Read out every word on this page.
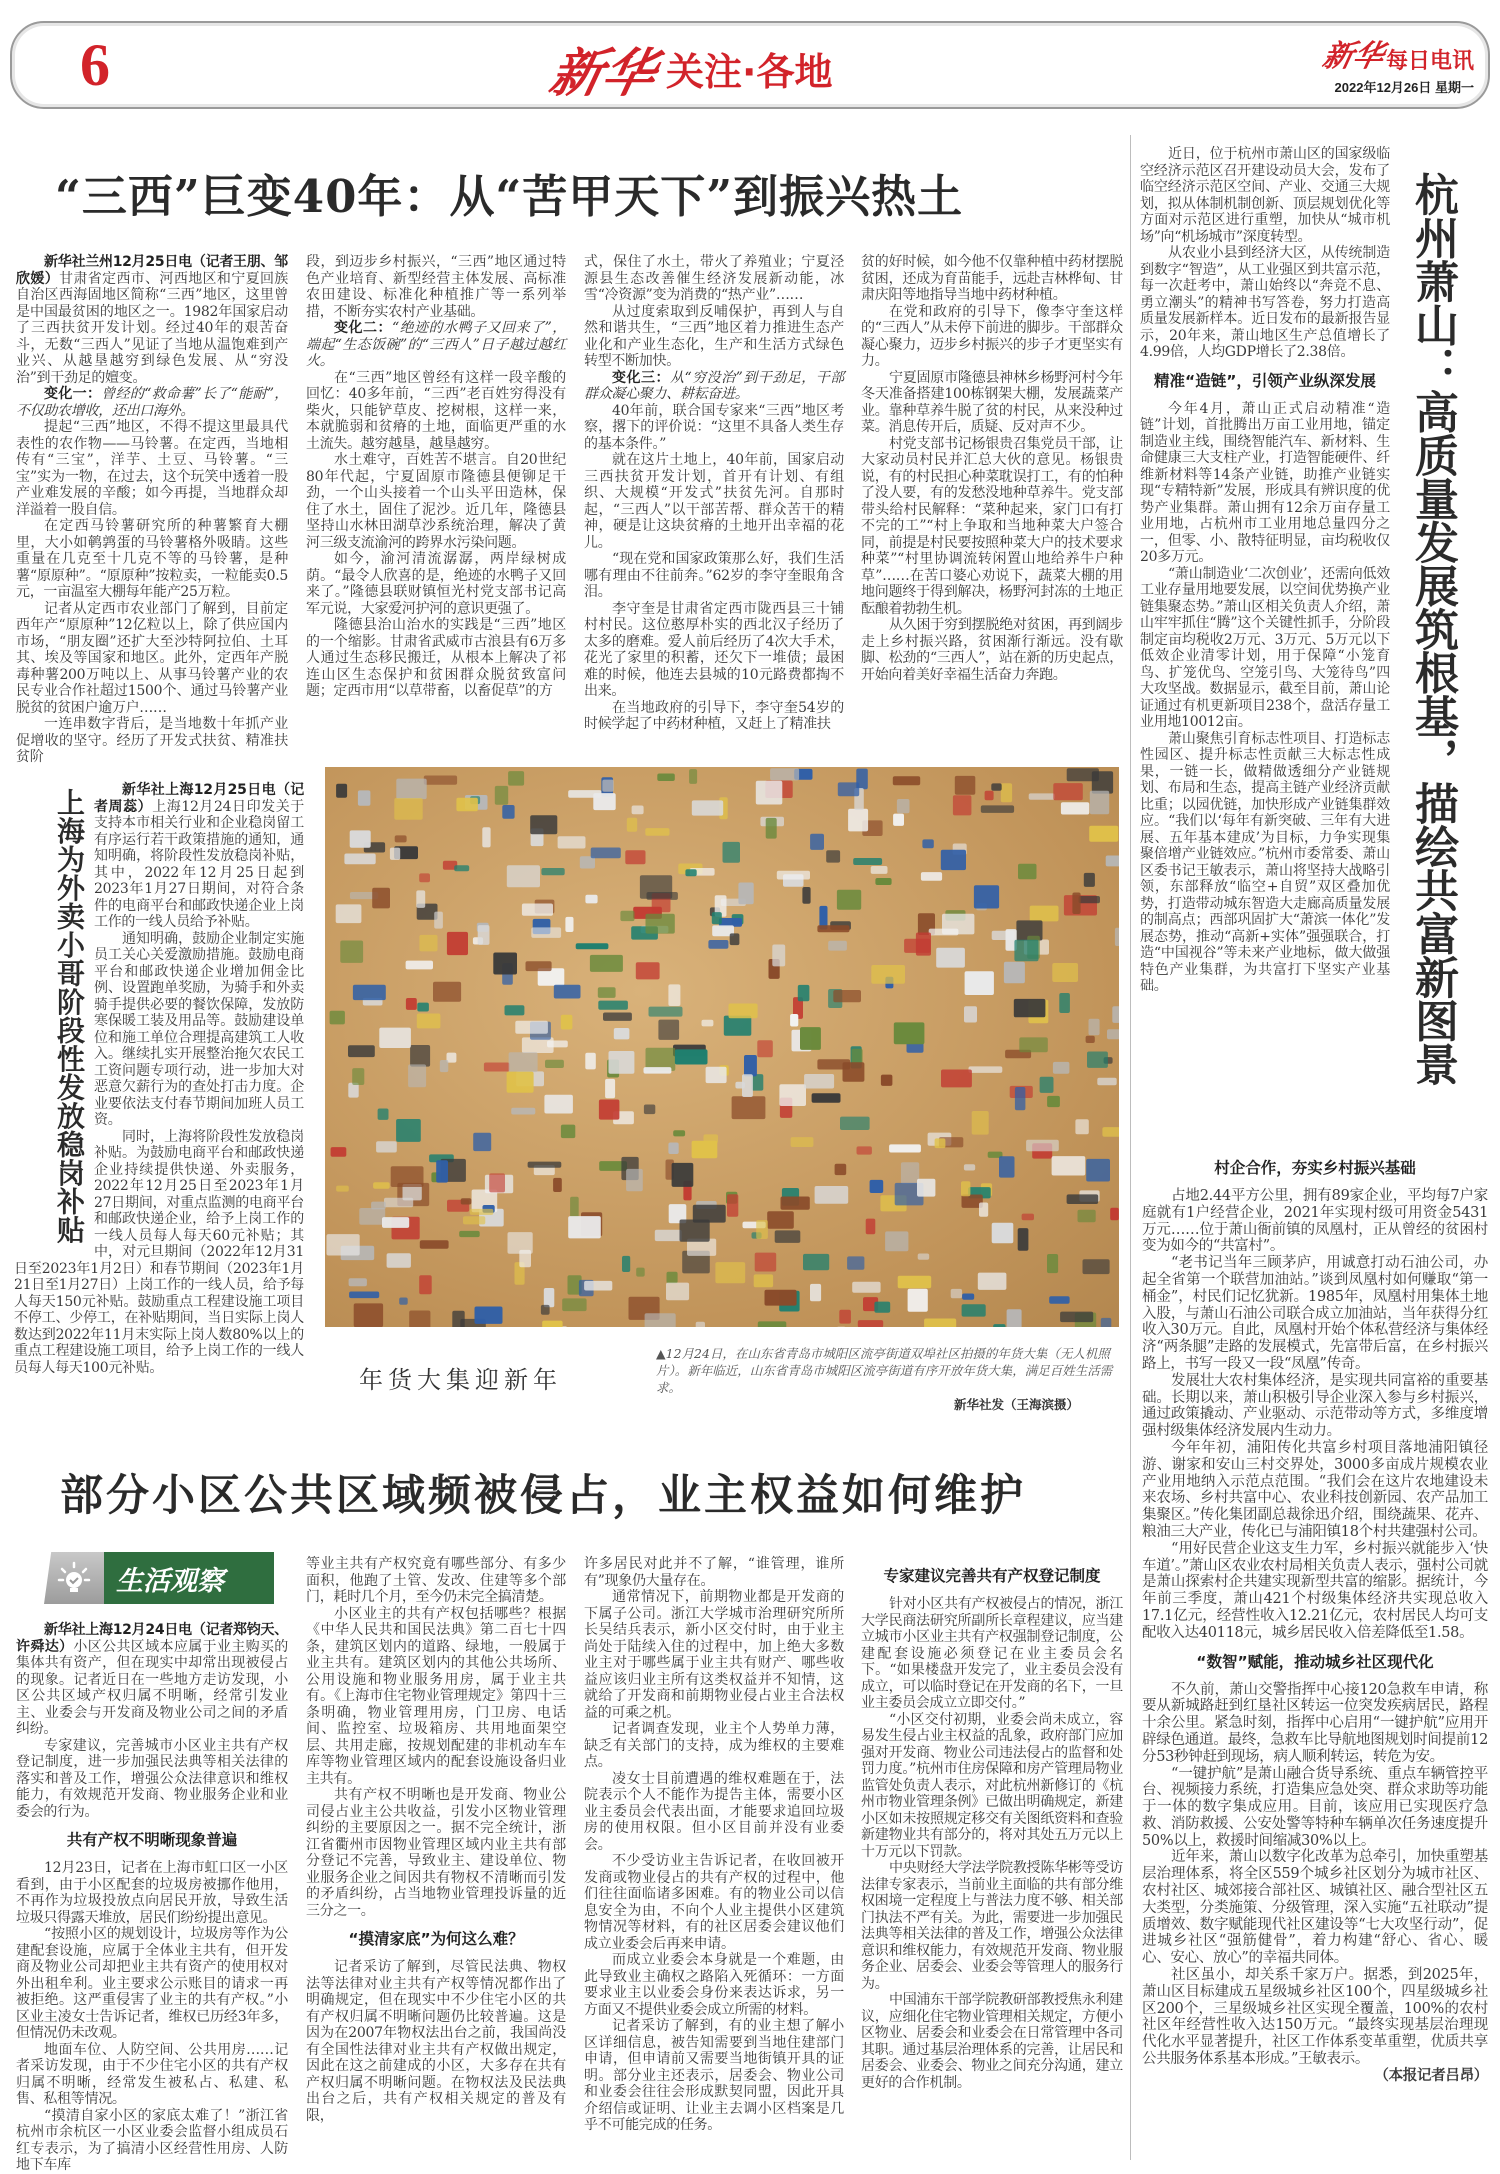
6	新华 关注·各地	新华 每日电讯
2022年12月26日 星期一
“三西”巨变40年：从“苦甲天下”到振兴热土

新华社兰州12月25日电（记者王朋、邹欣媛）甘肃省定西市、河西地区和宁夏回族自治区西海固地区简称“三西”地区，这里曾是中国最贫困的地区之一。1982年国家启动了三西扶贫开发计划。经过40年的艰苦奋斗，无数“三西人”见证了当地从温饱难到产业兴、从越垦越穷到绿色发展、从“穷没治”到干劲足的嬗变。

变化一：曾经的“救命薯”长了“能耐”，不仅助农增收，还出口海外。

提起“三西”地区，不得不提这里最具代表性的农作物——马铃薯。在定西，当地相传有“三宝”，洋芋、土豆、马铃薯。“三宝”实为一物，在过去，这个玩笑中透着一股产业难发展的辛酸；如今再提，当地群众却洋溢着一股自信。

在定西马铃薯研究所的种薯繁育大棚里，大小如鹌鹑蛋的马铃薯格外吸睛。这些重量在几克至十几克不等的马铃薯，是种薯“原原种”。“原原种”按粒卖，一粒能卖0.5元，一亩温室大棚每年能产25万粒。

记者从定西市农业部门了解到，目前定西年产“原原种”12亿粒以上，除了供应国内市场，“朋友圈”还扩大至沙特阿拉伯、土耳其、埃及等国家和地区。此外，定西年产脱毒种薯200万吨以上、从事马铃薯产业的农民专业合作社超过1500个、通过马铃薯产业脱贫的贫困户逾万户……

一连串数字背后，是当地数十年抓产业促增收的坚守。经历了开发式扶贫、精准扶贫阶

段，到迈步乡村振兴，“三西”地区通过特色产业培育、新型经营主体发展、高标准农田建设、标准化种植推广等一系列举措，不断夯实农村产业基础。

变化二：“绝迹的水鸭子又回来了”，端起“生态饭碗”的“三西人”日子越过越红火。

在“三西”地区曾经有这样一段辛酸的回忆：40多年前，“三西”老百姓穷得没有柴火，只能铲草皮、挖树根，这样一来，本就脆弱和贫瘠的土地，面临更严重的水土流失。越穷越垦，越垦越穷。

水土难守，百姓苦不堪言。自20世纪80年代起，宁夏固原市隆德县便铆足干劲，一个山头接着一个山头平田造林，保住了水土，固住了泥沙。近几年，隆德县坚持山水林田湖草沙系统治理，解决了黄河三级支流渝河的跨界水污染问题。

如今，渝河清流潺潺，两岸绿树成荫。“最令人欣喜的是，绝迹的水鸭子又回来了。”隆德县联财镇恒光村党支部书记高军元说，大家爱河护河的意识更强了。

隆德县治山治水的实践是“三西”地区的一个缩影。甘肃省武威市古浪县有6万多人通过生态移民搬迁，从根本上解决了祁连山区生态保护和贫困群众脱贫致富问题；定西市用“以草带畜，以畜促草”的方

式，保住了水土，带火了养殖业；宁夏泾源县生态改善催生经济发展新动能，冰雪“冷资源”变为消费的“热产业”……

从过度索取到反哺保护，再到人与自然和谐共生，“三西”地区着力推进生态产业化和产业生态化，生产和生活方式绿色转型不断加快。

变化三：从“穷没治”到干劲足，干部群众凝心聚力、耕耘奋进。

40年前，联合国专家来“三西”地区考察，撂下的评价说：“这里不具备人类生存的基本条件。”

就在这片土地上，40年前，国家启动三西扶贫开发计划，首开有计划、有组织、大规模“开发式”扶贫先河。自那时起，“三西人”以干部苦帮、群众苦干的精神，硬是让这块贫瘠的土地开出幸福的花儿。

“现在党和国家政策那么好，我们生活哪有理由不往前奔。”62岁的李守奎眼角含泪。

李守奎是甘肃省定西市陇西县三十铺村村民。这位憨厚朴实的西北汉子经历了太多的磨难。爱人前后经历了4次大手术，花光了家里的积蓄，还欠下一堆债；最困难的时候，他连去县城的10元路费都掏不出来。

在当地政府的引导下，李守奎54岁的时候学起了中药材种植，又赶上了精准扶

贫的好时候，如今他不仅靠种植中药材摆脱贫困，还成为育苗能手，远赴吉林桦甸、甘肃庆阳等地指导当地中药材种植。

在党和政府的引导下，像李守奎这样的“三西人”从未停下前进的脚步。干部群众凝心聚力，迈步乡村振兴的步子才更坚实有力。

宁夏固原市隆德县神林乡杨野河村今年冬天准备搭建100栋钢架大棚，发展蔬菜产业。靠种草养牛脱了贫的村民，从来没种过菜。消息传开后，质疑、反对声不少。

村党支部书记杨银贵召集党员干部，让大家动员村民并汇总大伙的意见。杨银贵说，有的村民担心种菜耽误打工，有的怕种了没人要，有的发愁没地种草养牛。党支部带头给村民解释：“菜种起来，家门口有打不完的工”“村上争取和当地种菜大户签合同，前提是村民要按照种菜大户的技术要求种菜”“村里协调流转闲置山地给养牛户种草”……在苦口婆心劝说下，蔬菜大棚的用地问题终于得到解决，杨野河封冻的土地正酝酿着勃勃生机。

从久困于穷到摆脱绝对贫困，再到阔步走上乡村振兴路，贫困渐行渐远。没有歇脚、松劲的“三西人”，站在新的历史起点，开始向着美好幸福生活奋力奔跑。

上海为外卖小哥阶段性发放稳岗补贴	新华社上海12月25日电（记者周蕊）上海12月24日印发关于支持本市相关行业和企业稳岗留工有序运行若干政策措施的通知，通知明确，将阶段性发放稳岗补贴，其中，2022年12月25日起到2023年1月27日期间，对符合条件的电商平台和邮政快递企业上岗工作的一线人员给予补贴。

通知明确，鼓励企业制定实施员工关心关爱激励措施。鼓励电商平台和邮政快递企业增加佣金比例、设置跑单奖励，为骑手和外卖骑手提供必要的餐饮保障，发放防寒保暖工装及用品等。鼓励建设单位和施工单位合理提高建筑工人收入。继续扎实开展整治拖欠农民工工资问题专项行动，进一步加大对恶意欠薪行为的查处打击力度。企业要依法支付春节期间加班人员工资。

同时，上海将阶段性发放稳岗补贴。为鼓励电商平台和邮政快递企业持续提供快递、外卖服务，2022年12月25日至2023年1月27日期间，对重点监测的电商平台和邮政快递企业，给予上岗工作的一线人员每人每天60元补贴；其中，对元旦期间（2022年12月31日至2023年1月2日）和春节期间（2023年1月21日至1月27日）上岗工作的一线人员，给予每人每天150元补贴。鼓励重点工程建设施工项目不停工、少停工，在补贴期间，当日实际上岗人数达到2022年11月末实际上岗人数80%以上的重点工程建设施工项目，给予上岗工作的一线人员每人每天100元补贴。	年货大集迎新年
▲12月24日，在山东省青岛市城阳区流亭街道双埠社区拍摄的年货大集（无人机照片）。新年临近，山东省青岛市城阳区流亭街道有序开放年货大集，满足百姓生活需求。
新华社发（王海滨摄）
部分小区公共区域频被侵占，业主权益如何维护
生活观察

新华社上海12月24日电（记者郑钧天、许舜达）小区公共区域本应属于业主购买的集体共有资产，但在现实中却常出现被侵占的现象。记者近日在一些地方走访发现，小区公共区域产权归属不明晰，经常引发业主、业委会与开发商及物业公司之间的矛盾纠纷。

专家建议，完善城市小区业主共有产权登记制度，进一步加强民法典等相关法律的落实和普及工作，增强公众法律意识和维权能力，有效规范开发商、物业服务企业和业委会的行为。

共有产权不明晰现象普遍

12月23日，记者在上海市虹口区一小区看到，由于小区配套的垃圾房被挪作他用，不再作为垃圾投放点向居民开放，导致生活垃圾只得露天堆放，居民们纷纷提出意见。

“按照小区的规划设计，垃圾房等作为公建配套设施，应属于全体业主共有，但开发商及物业公司却把业主共有资产的使用权对外出租牟利。业主要求公示账目的请求一再被拒绝。这严重侵害了业主的共有产权。”小区业主凌女士告诉记者，维权已历经3年多，但情况仍未改观。

地面车位、人防空间、公共用房……记者采访发现，由于不少住宅小区的共有产权归属不明晰，经常发生被私占、私建、私售、私租等情况。

“摸清自家小区的家底太难了！”浙江省杭州市余杭区一小区业委会监督小组成员石红专表示，为了搞清小区经营性用房、人防地下车库

等业主共有产权究竟有哪些部分、有多少面积，他跑了土管、发改、住建等多个部门，耗时几个月，至今仍未完全搞清楚。

小区业主的共有产权包括哪些？根据《中华人民共和国民法典》第二百七十四条，建筑区划内的道路、绿地，一般属于业主共有。建筑区划内的其他公共场所、公用设施和物业服务用房，属于业主共有。《上海市住宅物业管理规定》第四十三条明确，物业管理用房，门卫房、电话间、监控室、垃圾箱房、共用地面架空层、共用走廊，按规划配建的非机动车车库等物业管理区域内的配套设施设备归业主共有。

共有产权不明晰也是开发商、物业公司侵占业主公共收益，引发小区物业管理纠纷的主要原因之一。据不完全统计，浙江省衢州市因物业管理区域内业主共有部分登记不完善，导致业主、建设单位、物业服务企业之间因共有物权不清晰而引发的矛盾纠纷，占当地物业管理投诉量的近三分之一。

“摸清家底”为何这么难？

记者采访了解到，尽管民法典、物权法等法律对业主共有产权等情况都作出了明确规定，但在现实中不少住宅小区的共有产权归属不明晰问题仍比较普遍。这是因为在2007年物权法出台之前，我国尚没有全国性法律对业主共有产权做出规定，因此在这之前建成的小区，大多存在共有产权归属不明晰问题。在物权法及民法典出台之后，共有产权相关规定的普及有限，

许多居民对此并不了解，“谁管理，谁所有”现象仍大量存在。

通常情况下，前期物业都是开发商的下属子公司。浙江大学城市治理研究所所长吴结兵表示，新小区交付时，由于业主尚处于陆续入住的过程中，加上绝大多数业主对于哪些属于业主共有财产、哪些收益应该归业主所有这类权益并不知情，这就给了开发商和前期物业侵占业主合法权益的可乘之机。

记者调查发现，业主个人势单力薄，缺乏有关部门的支持，成为维权的主要难点。

凌女士目前遭遇的维权难题在于，法院表示个人不能作为提告主体，需要小区业主委员会代表出面，才能要求追回垃圾房的使用权限。但小区目前并没有业委会。

不少受访业主告诉记者，在收回被开发商或物业侵占的共有产权的过程中，他们往往面临诸多困难。有的物业公司以信息安全为由，不向个人业主提供小区建筑物情况等材料，有的社区居委会建议他们成立业委会后再来申请。

而成立业委会本身就是一个难题，由此导致业主确权之路陷入死循环：一方面要求业主以业委会身份来表达诉求，另一方面又不提供业委会成立所需的材料。

记者采访了解到，有的业主想了解小区详细信息，被告知需要到当地住建部门申请，但申请前又需要当地街镇开具的证明。部分业主还表示，居委会、物业公司和业委会往往会形成默契同盟，因此开具介绍信或证明、让业主去调小区档案是几乎不可能完成的任务。

专家建议完善共有产权登记制度

针对小区共有产权被侵占的情况，浙江大学民商法研究所副所长章程建议，应当建立城市小区业主共有产权强制登记制度，公建配套设施必须登记在业主委员会名下。“如果楼盘开发完了，业主委员会没有成立，可以临时登记在开发商的名下，一旦业主委员会成立立即交付。”

“小区交付初期，业委会尚未成立，容易发生侵占业主权益的乱象，政府部门应加强对开发商、物业公司违法侵占的监督和处罚力度。”杭州市住房保障和房产管理局物业监管处负责人表示，对此杭州新修订的《杭州市物业管理条例》已做出明确规定，新建小区如未按照规定移交有关图纸资料和查验新建物业共有部分的，将对其处五万元以上十万元以下罚款。

中央财经大学法学院教授陈华彬等受访法律专家表示，当前业主面临的共有部分维权困境一定程度上与普法力度不够、相关部门执法不严有关。为此，需要进一步加强民法典等相关法律的普及工作，增强公众法律意识和维权能力，有效规范开发商、物业服务企业、居委会、业委会等管理人的服务行为。

中国浦东干部学院教研部教授焦永利建议，应细化住宅物业管理相关规定，方便小区物业、居委会和业委会在日常管理中各司其职。通过基层治理体系的完善，让居民和居委会、业委会、物业之间充分沟通，建立更好的合作机制。

杭州萧山：高质量发展筑根基，描绘共富新图景

近日，位于杭州市萧山区的国家级临空经济示范区召开建设动员大会，发布了临空经济示范区空间、产业、交通三大规划，拟从体制机制创新、顶层规划优化等方面对示范区进行重塑，加快从“城市机场”向“机场城市”深度转型。

从农业小县到经济大区，从传统制造到数字“智造”，从工业强区到共富示范，每一次赶考中，萧山始终以“奔竞不息、勇立潮头”的精神书写答卷，努力打造高质量发展新样本。近日发布的最新报告显示，20年来，萧山地区生产总值增长了4.99倍，人均GDP增长了2.38倍。

精准“造链”，引领产业纵深发展

今年4月，萧山正式启动精准“造链”计划，首批腾出万亩工业用地，锚定制造业主线，围绕智能汽车、新材料、生命健康三大支柱产业，打造智能硬件、纤维新材料等14条产业链，助推产业链实现“专精特新”发展，形成具有辨识度的优势产业集群。萧山拥有12余万亩存量工业用地，占杭州市工业用地总量四分之一，但零、小、散特征明显，亩均税收仅20多万元。

“萧山制造业‘二次创业’，还需向低效工业存量用地要发展，以空间优势换产业链集聚态势。”萧山区相关负责人介绍，萧山牢牢抓住“腾”这个关键性抓手，分阶段制定亩均税收2万元、3万元、5万元以下低效企业清零计划，用于保障“小笼育鸟、扩笼优鸟、空笼引鸟、大笼待鸟”四大攻坚战。数据显示，截至目前，萧山论证通过有机更新项目238个，盘活存量工业用地10012亩。

萧山聚焦引育标志性项目、打造标志性园区、提升标志性贡献三大标志性成果，一链一长，做精做透细分产业链规划、布局和生态，提高主链产业经济贡献比重；以园优链，加快形成产业链集群效应。“我们以‘每年有新突破、三年有大进展、五年基本建成’为目标，力争实现集聚倍增产业链效应。”杭州市委常委、萧山区委书记王敏表示，萧山将坚持大战略引领，东部释放“临空+自贸”双区叠加优势，打造带动城东智造大走廊高质量发展的制高点；西部巩固扩大“萧滨一体化”发展态势，推动“高新+实体”强强联合，打造“中国视谷”等未来产业地标，做大做强特色产业集群，为共富打下坚实产业基础。

村企合作，夯实乡村振兴基础

占地2.44平方公里，拥有89家企业，平均每7户家庭就有1户经营企业，2021年实现村级可用资金5431万元……位于萧山衙前镇的凤凰村，正从曾经的贫困村变为如今的“共富村”。

“老书记当年三顾茅庐，用诚意打动石油公司，办起全省第一个联营加油站。”谈到凤凰村如何赚取“第一桶金”，村民们记忆犹新。1985年，凤凰村用集体土地入股，与萧山石油公司联合成立加油站，当年获得分红收入30万元。自此，凤凰村开始个体私营经济与集体经济“两条腿”走路的发展模式，先富带后富，在乡村振兴路上，书写一段又一段“凤凰”传奇。

发展壮大农村集体经济，是实现共同富裕的重要基础。长期以来，萧山积极引导企业深入参与乡村振兴，通过政策撬动、产业驱动、示范带动等方式，多维度增强村级集体经济发展内生动力。

今年年初，浦阳传化共富乡村项目落地浦阳镇径游、谢家和安山三村交界处，3000多亩成片规模农业产业用地纳入示范点范围。“我们会在这片农地建设未来农场、乡村共富中心、农业科技创新园、农产品加工集聚区。”传化集团副总裁徐迅介绍，围绕蔬果、花卉、粮油三大产业，传化已与浦阳镇18个村共建强村公司。

“用好民营企业这支生力军，乡村振兴就能步入‘快车道’。”萧山区农业农村局相关负责人表示，强村公司就是萧山探索村企共建实现新型共富的缩影。据统计，今年前三季度，萧山421个村级集体经济共实现总收入17.1亿元，经营性收入12.21亿元，农村居民人均可支配收入达40118元，城乡居民收入倍差降低至1.58。

“数智”赋能，推动城乡社区现代化

不久前，萧山交警指挥中心接120急救车申请，称要从新城路赶到红垦社区转运一位突发疾病居民，路程十余公里。紧急时刻，指挥中心启用“一键护航”应用开辟绿色通道。最终，急救车比导航地图规划时间提前12分53秒钟赶到现场，病人顺利转运，转危为安。

“一键护航”是萧山融合货导系统、重点车辆管控平台、视频接力系统，打造集应急处突、群众求助等功能于一体的数字集成应用。目前，该应用已实现医疗急救、消防救援、公安处警等特种车辆单次任务速度提升50%以上，救援时间缩减30%以上。

近年来，萧山以数字化改革为总牵引，加快重塑基层治理体系，将全区559个城乡社区划分为城市社区、农村社区、城郊接合部社区、城镇社区、融合型社区五大类型，分类施策、分级管理，深入实施“五社联动”提质增效、数字赋能现代社区建设等“七大攻坚行动”，促进城乡社区“强筋健骨”，着力构建“舒心、省心、暖心、安心、放心”的幸福共同体。

社区虽小，却关系千家万户。据悉，到2025年，萧山区目标建成五星级城乡社区100个，四星级城乡社区200个，三星级城乡社区实现全覆盖，100%的农村社区年经营性收入达150万元。“最终实现基层治理现代化水平显著提升，社区工作体系变革重塑，优质共享公共服务体系基本形成。”王敏表示。

（本报记者吕昂）
